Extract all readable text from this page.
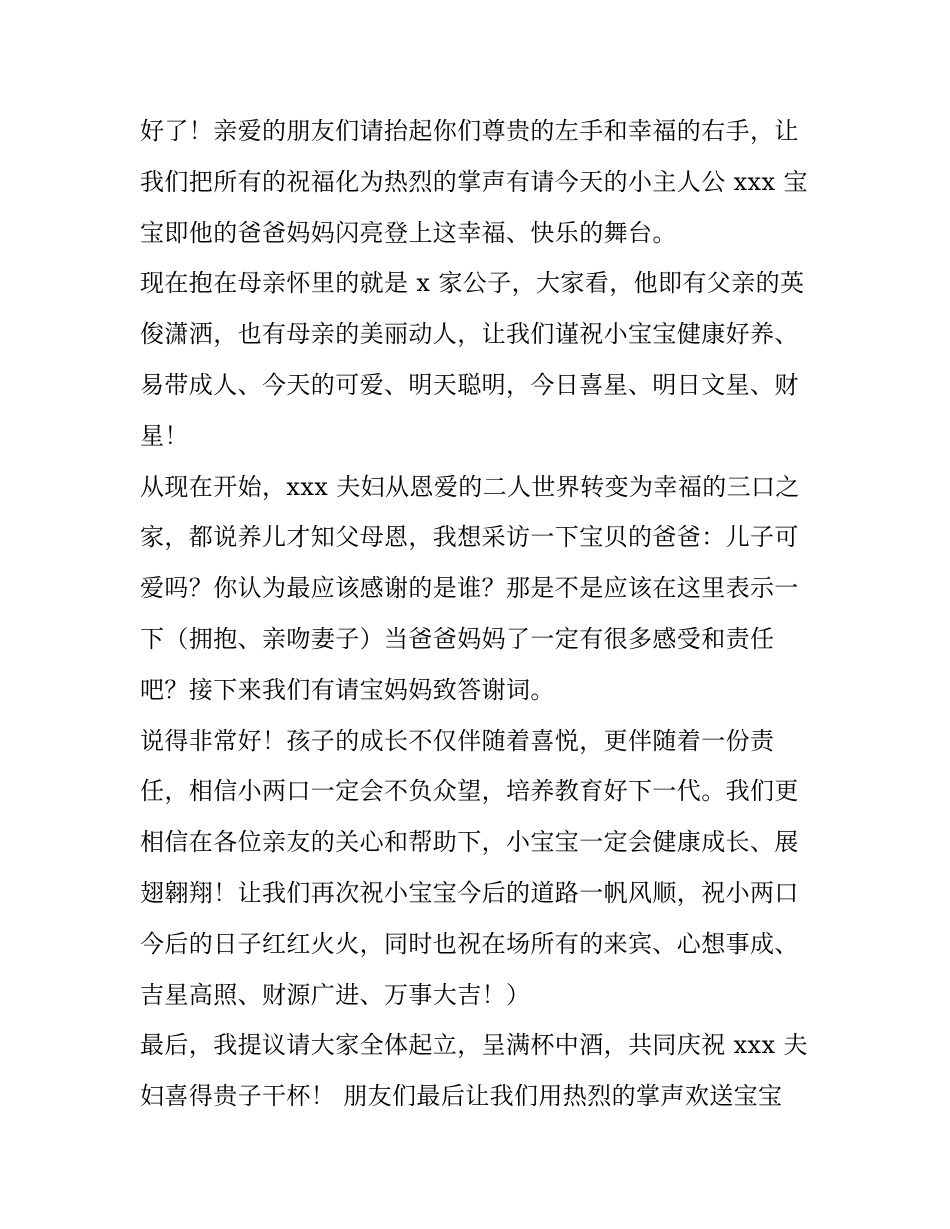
好了！亲爱的朋友们请抬起你们尊贵的左手和幸福的右手，让
我们把所有的祝福化为热烈的掌声有请今天的小主人公 xxx 宝
宝即他的爸爸妈妈闪亮登上这幸福、快乐的舞台。
现在抱在母亲怀里的就是 x 家公子，大家看，他即有父亲的英
俊潇洒，也有母亲的美丽动人，让我们谨祝小宝宝健康好养、
易带成人、今天的可爱、明天聪明，今日喜星、明日文星、财
星！
从现在开始，xxx 夫妇从恩爱的二人世界转变为幸福的三口之
家，都说养儿才知父母恩，我想采访一下宝贝的爸爸：儿子可
爱吗？你认为最应该感谢的是谁？那是不是应该在这里表示一
下（拥抱、亲吻妻子）当爸爸妈妈了一定有很多感受和责任
吧？接下来我们有请宝妈妈致答谢词。
说得非常好！孩子的成长不仅伴随着喜悦，更伴随着一份责
任，相信小两口一定会不负众望，培养教育好下一代。我们更
相信在各位亲友的关心和帮助下，小宝宝一定会健康成长、展
翅翱翔！让我们再次祝小宝宝今后的道路一帆风顺，祝小两口
今后的日子红红火火，同时也祝在场所有的来宾、心想事成、
吉星高照、财源广进、万事大吉！）
最后，我提议请大家全体起立，呈满杯中酒，共同庆祝 xxx 夫
妇喜得贵子干杯！ 朋友们最后让我们用热烈的掌声欢送宝宝
